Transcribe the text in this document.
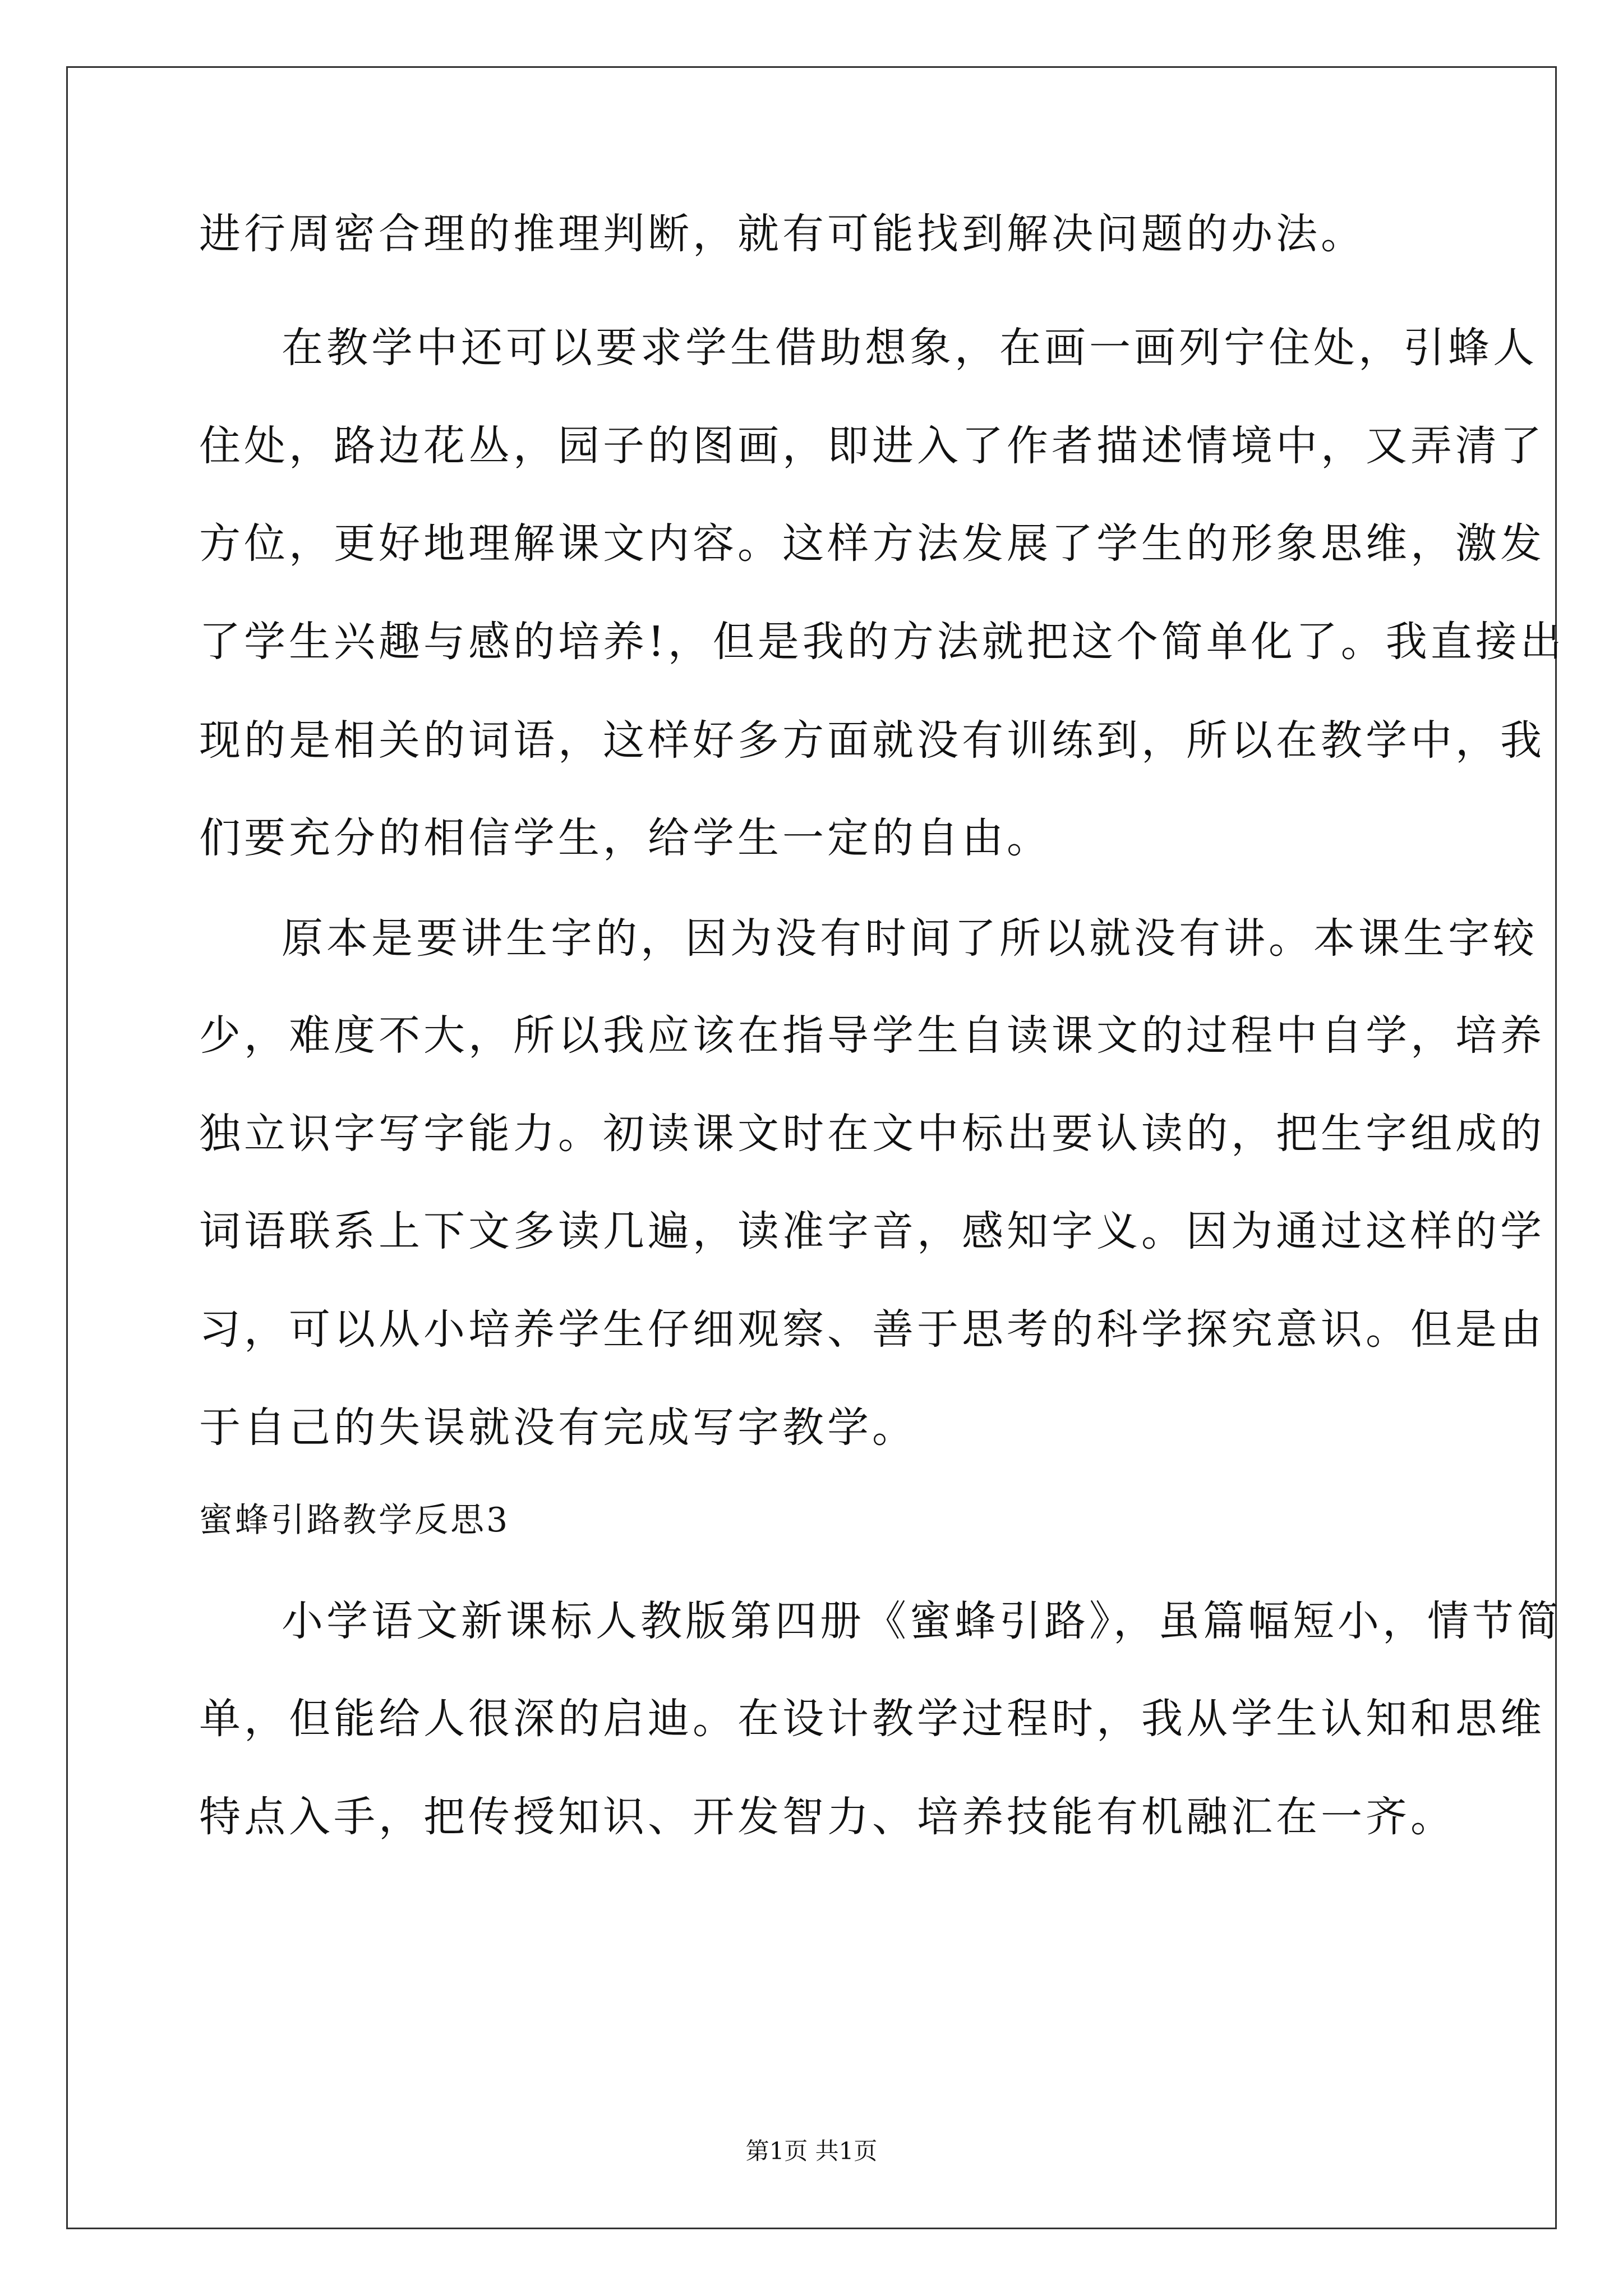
进行周密合理的推理判断，就有可能找到解决问题的办法。
在教学中还可以要求学生借助想象，在画一画列宁住处，引蜂人
住处，路边花丛，园子的图画，即进入了作者描述情境中，又弄清了
方位，更好地理解课文内容。这样方法发展了学生的形象思维，激发
了学生兴趣与感的培养!，但是我的方法就把这个简单化了。我直接出
现的是相关的词语，这样好多方面就没有训练到，所以在教学中，我
们要充分的相信学生，给学生一定的自由。
原本是要讲生字的，因为没有时间了所以就没有讲。本课生字较
少，难度不大，所以我应该在指导学生自读课文的过程中自学，培养
独立识字写字能力。初读课文时在文中标出要认读的，把生字组成的
词语联系上下文多读几遍，读准字音，感知字义。因为通过这样的学
习，可以从小培养学生仔细观察、善于思考的科学探究意识。但是由
于自己的失误就没有完成写字教学。
蜜蜂引路教学反思3
小学语文新课标人教版第四册《蜜蜂引路》，虽篇幅短小，情节简
单，但能给人很深的启迪。在设计教学过程时，我从学生认知和思维
特点入手，把传授知识、开发智力、培养技能有机融汇在一齐。
第1页 共1页
